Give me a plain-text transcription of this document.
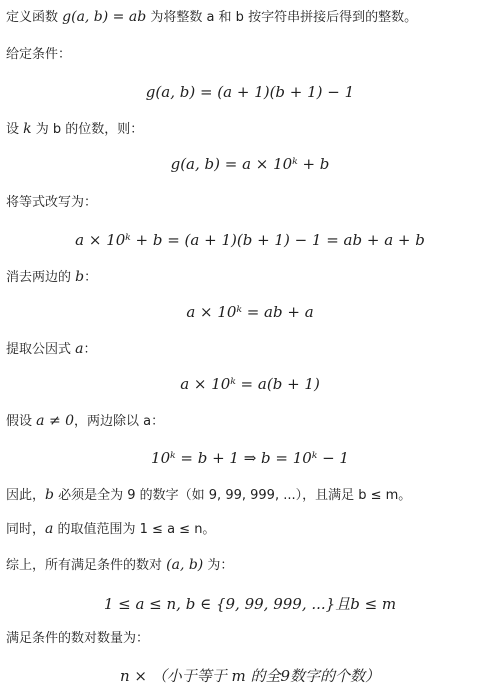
定义函数 g(a, b) = ab 为将整数 a 和 b 按字符串拼接后得到的整数。
给定条件：
g(a, b) = (a + 1)(b + 1) − 1
设 k 为 b 的位数，则：
g(a, b) = a × 10ᵏ + b
将等式改写为：
a × 10ᵏ + b = (a + 1)(b + 1) − 1 = ab + a + b
消去两边的 b：
a × 10ᵏ = ab + a
提取公因式 a：
a × 10ᵏ = a(b + 1)
假设 a ≠ 0，两边除以 a：
10ᵏ = b + 1 ⇒ b = 10ᵏ − 1
因此，b 必须是全为 9 的数字（如 9, 99, 999, ...），且满足 b ≤ m。
同时，a 的取值范围为 1 ≤ a ≤ n。
综上，所有满足条件的数对 (a, b) 为：
1 ≤ a ≤ n, b ∈ {9, 99, 999, ...}且b ≤ m
满足条件的数对数量为：
n × （小于等于 m 的全9数字的个数）
